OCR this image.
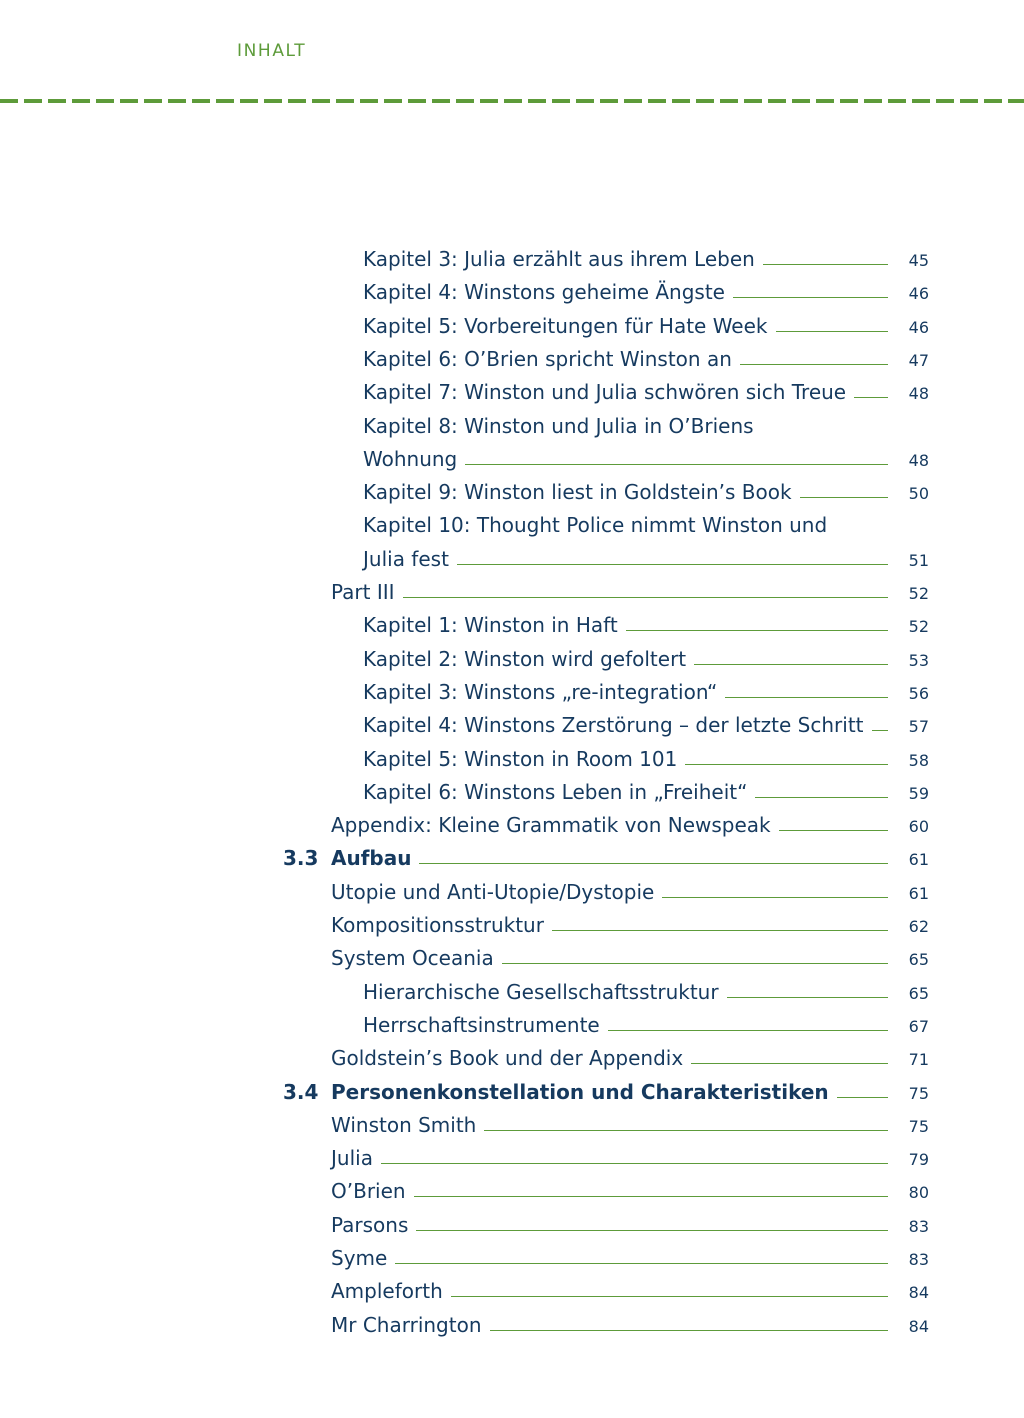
INHALT
Kapitel 3: Julia erzählt aus ihrem Leben	45
Kapitel 4: Winstons geheime Ängste	46
Kapitel 5: Vorbereitungen für Hate Week	46
Kapitel 6: O’Brien spricht Winston an	47
Kapitel 7: Winston und Julia schwören sich Treue	48
Kapitel 8: Winston und Julia in O’Briens
Wohnung	48
Kapitel 9: Winston liest in Goldstein’s Book	50
Kapitel 10: Thought Police nimmt Winston und
Julia fest	51
Part III	52
Kapitel 1: Winston in Haft	52
Kapitel 2: Winston wird gefoltert	53
Kapitel 3: Winstons „re-integration“	56
Kapitel 4: Winstons Zerstörung – der letzte Schritt	57
Kapitel 5: Winston in Room 101	58
Kapitel 6: Winstons Leben in „Freiheit“	59
Appendix: Kleine Grammatik von Newspeak	60
3.3 Aufbau	61
Utopie und Anti-Utopie/Dystopie	61
Kompositionsstruktur	62
System Oceania	65
Hierarchische Gesellschaftsstruktur	65
Herrschaftsinstrumente	67
Goldstein’s Book und der Appendix	71
3.4 Personenkonstellation und Charakteristiken	75
Winston Smith	75
Julia	79
O’Brien	80
Parsons	83
Syme	83
Ampleforth	84
Mr Charrington	84
